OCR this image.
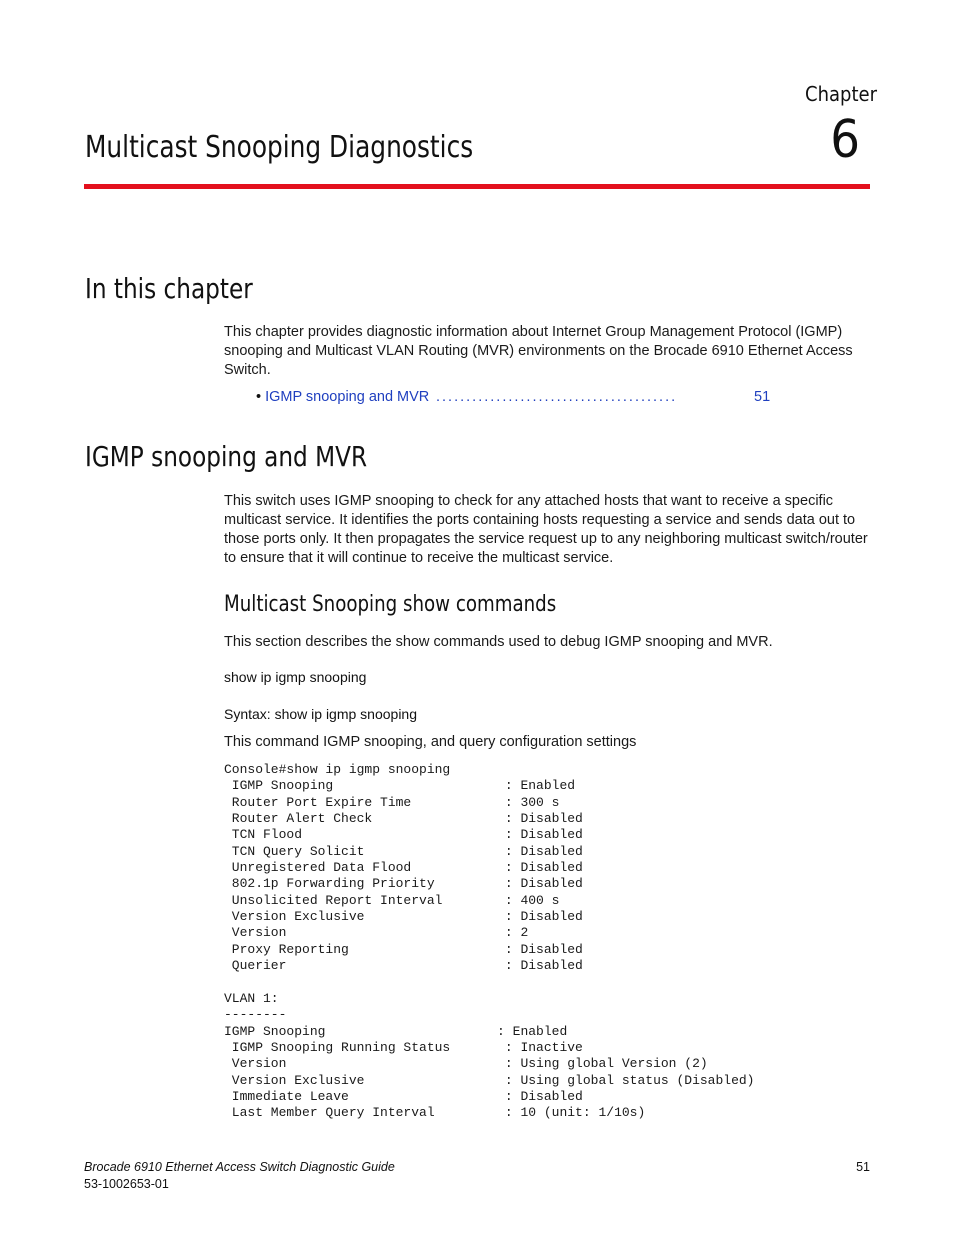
Chapter
6
Multicast Snooping Diagnostics
In this chapter
This chapter provides diagnostic information about Internet Group Management Protocol (IGMP) snooping and Multicast VLAN Routing (MVR) environments on the Brocade 6910 Ethernet Access Switch.
• IGMP snooping and MVR ........................................	51
IGMP snooping and MVR
This switch uses IGMP snooping to check for any attached hosts that want to receive a specific multicast service. It identifies the ports containing hosts requesting a service and sends data out to those ports only. It then propagates the service request up to any neighboring multicast switch/router to ensure that it will continue to receive the multicast service.
Multicast Snooping show commands
This section describes the show commands used to debug IGMP snooping and MVR.
show ip igmp snooping
Syntax: show ip igmp snooping
This command IGMP snooping, and query configuration settings
Console#show ip igmp snooping
IGMP Snooping                      : Enabled
Router Port Expire Time            : 300 s
Router Alert Check                 : Disabled
TCN Flood                          : Disabled
TCN Query Solicit                  : Disabled
Unregistered Data Flood            : Disabled
802.1p Forwarding Priority         : Disabled
Unsolicited Report Interval        : 400 s
Version Exclusive                  : Disabled
Version                            : 2
Proxy Reporting                    : Disabled
Querier                            : Disabled

VLAN 1:
--------
IGMP Snooping                      : Enabled
IGMP Snooping Running Status       : Inactive
Version                            : Using global Version (2)
Version Exclusive                  : Using global status (Disabled)
Immediate Leave                    : Disabled
Last Member Query Interval         : 10 (unit: 1/10s)
Brocade 6910 Ethernet Access Switch Diagnostic Guide
53-1002653-01
51
